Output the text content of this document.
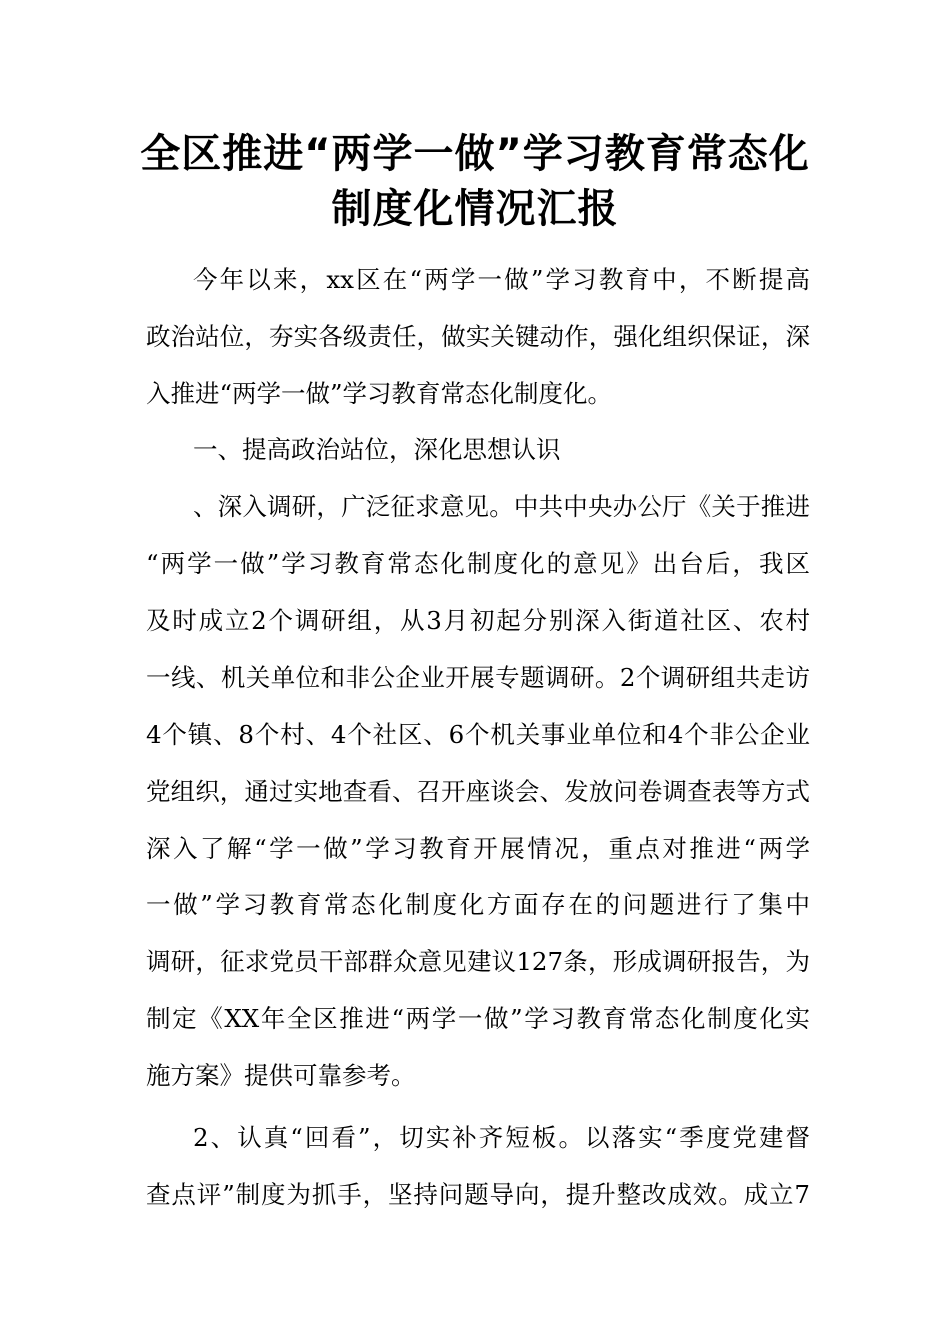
全区推进“两学一做”学习教育常态化
制度化情况汇报
今年以来，xx区在“两学一做”学习教育中，不断提高
政治站位，夯实各级责任，做实关键动作，强化组织保证，深
入推进“两学一做”学习教育常态化制度化。
一、提高政治站位，深化思想认识
、深入调研，广泛征求意见。中共中央办公厅《关于推进
“两学一做”学习教育常态化制度化的意见》出台后，我区
及时成立2个调研组，从3月初起分别深入街道社区、农村
一线、机关单位和非公企业开展专题调研。2个调研组共走访
4个镇、8个村、4个社区、6个机关事业单位和4个非公企业
党组织，通过实地查看、召开座谈会、发放问卷调查表等方式
深入了解“学一做”学习教育开展情况，重点对推进“两学
一做”学习教育常态化制度化方面存在的问题进行了集中
调研，征求党员干部群众意见建议127条，形成调研报告，为
制定《XX年全区推进“两学一做”学习教育常态化制度化实
施方案》提供可靠参考。
2、认真“回看”，切实补齐短板。以落实“季度党建督
查点评”制度为抓手，坚持问题导向，提升整改成效。成立7
